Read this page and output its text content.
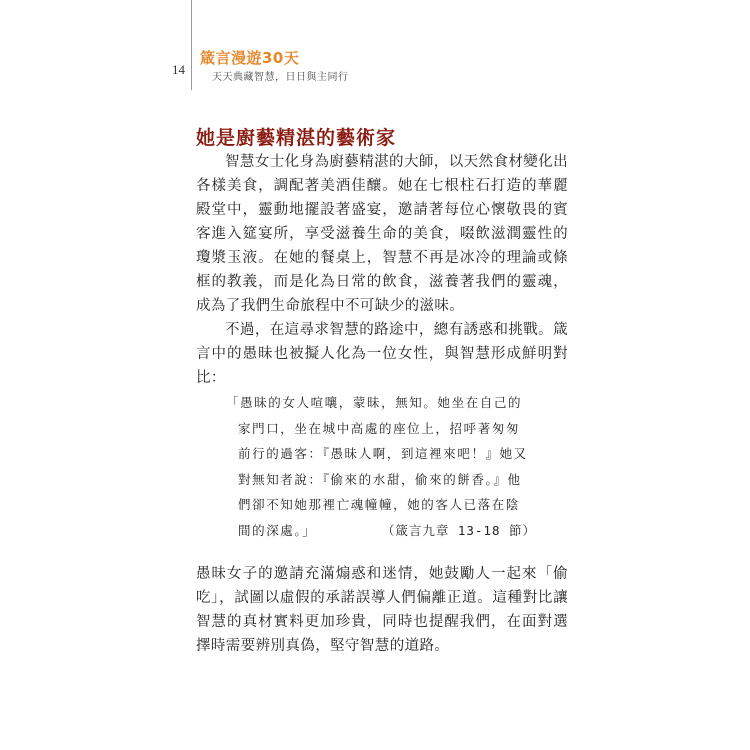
14
箴言漫遊30天
天天典藏智慧，日日與主同行
她是廚藝精湛的藝術家
智慧女士化身為廚藝精湛的大師，以天然食材變化出各樣美食，調配著美酒佳釀。她在七根柱石打造的華麗殿堂中，靈動地擺設著盛宴，邀請著每位心懷敬畏的賓客進入筵宴所，享受滋養生命的美食，啜飲滋潤靈性的瓊漿玉液。在她的餐桌上，智慧不再是冰冷的理論或條框的教義，而是化為日常的飲食，滋養著我們的靈魂，成為了我們生命旅程中不可缺少的滋味。
不過，在這尋求智慧的路途中，總有誘惑和挑戰。箴言中的愚昧也被擬人化為一位女性，與智慧形成鮮明對比：
「愚昧的女人喧嚷，蒙昧，無知。她坐在自己的
家門口，坐在城中高處的座位上，招呼著匆匆
前行的過客：『愚昧人啊，到這裡來吧！』她又
對無知者說：『偷來的水甜，偷來的餅香。』他
們卻不知她那裡亡魂幢幢，她的客人已落在陰
間的深處。」	（箴言九章 13-18 節）
愚昧女子的邀請充滿煽惑和迷情，她鼓勵人一起來「偷吃」，試圖以虛假的承諾誤導人們偏離正道。這種對比讓智慧的真材實料更加珍貴，同時也提醒我們，在面對選擇時需要辨別真偽，堅守智慧的道路。
